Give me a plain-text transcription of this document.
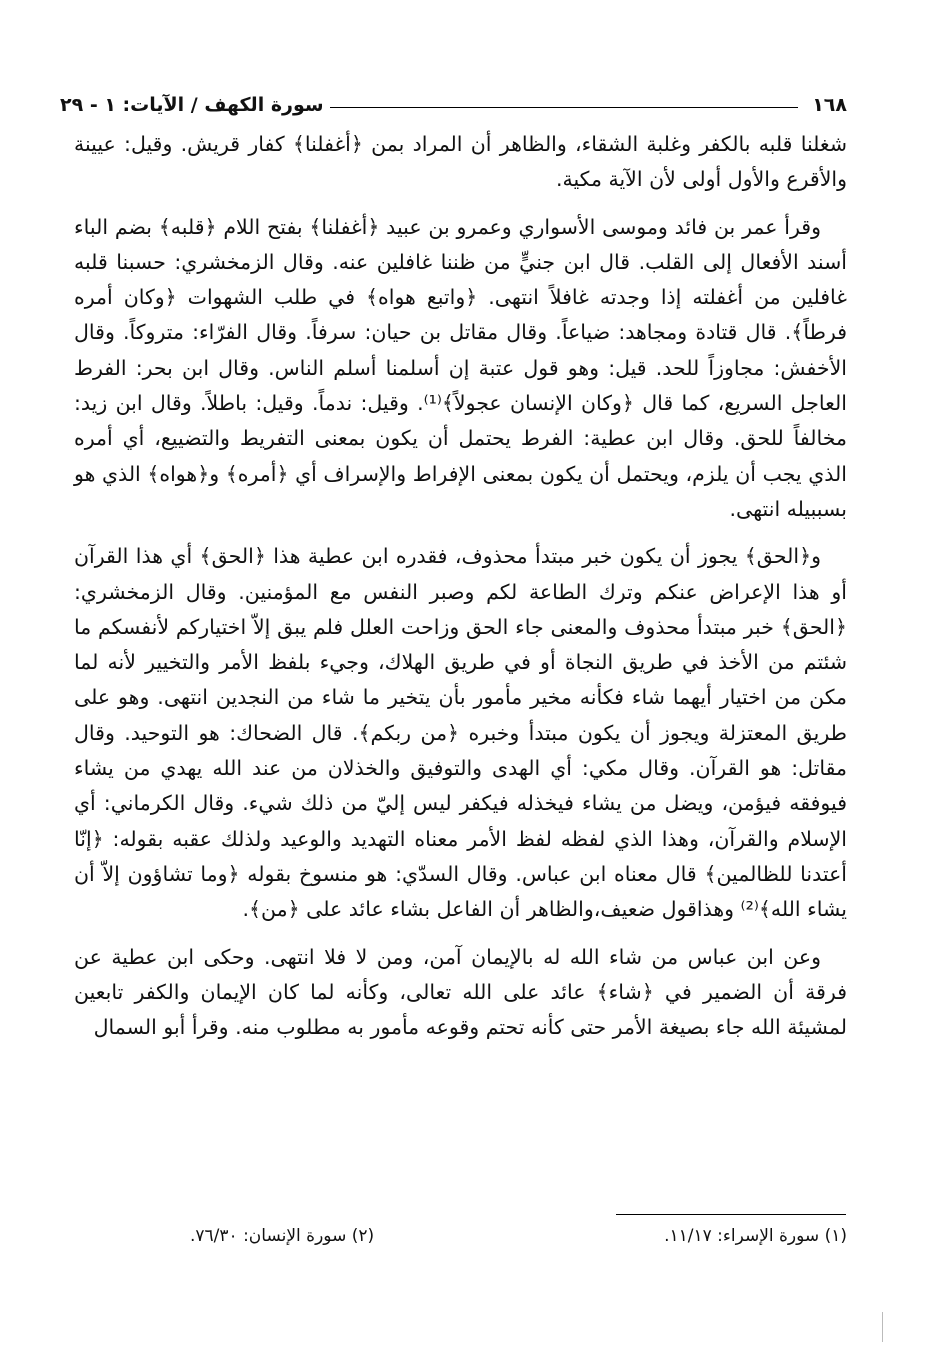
١٦٨
سورة الكهف / الآيات: ١ - ٢٩

شغلنا قلبه بالكفر وغلبة الشقاء، والظاهر أن المراد بمن ﴿أغفلنا﴾ كفار قريش. وقيل: عيينة والأقرع والأول أولى لأن الآية مكية.

وقرأ عمر بن فائد وموسى الأسواري وعمرو بن عبيد ﴿أغفلنا﴾ بفتح اللام ﴿قلبه﴾ بضم الباء أسند الأفعال إلى القلب. قال ابن جنيٍّ من ظننا غافلين عنه. وقال الزمخشري: حسبنا قلبه غافلين من أغفلته إذا وجدته غافلاً انتهى. ﴿واتبع هواه﴾ في طلب الشهوات ﴿وكان أمره فرطاً﴾. قال قتادة ومجاهد: ضياعاً. وقال مقاتل بن حيان: سرفاً. وقال الفرّاء: متروكاً. وقال الأخفش: مجاوزاً للحد. قيل: وهو قول عتبة إن أسلمنا أسلم الناس. وقال ابن بحر: الفرط العاجل السريع، كما قال ﴿وكان الإنسان عجولاً﴾⁽¹⁾. وقيل: ندماً. وقيل: باطلاً. وقال ابن زيد: مخالفاً للحق. وقال ابن عطية: الفرط يحتمل أن يكون بمعنى التفريط والتضييع، أي أمره الذي يجب أن يلزم، ويحتمل أن يكون بمعنى الإفراط والإسراف أي ﴿أمره﴾ و﴿هواه﴾ الذي هو بسببيله انتهى.

و﴿الحق﴾ يجوز أن يكون خبر مبتدأ محذوف، فقدره ابن عطية هذا ﴿الحق﴾ أي هذا القرآن أو هذا الإعراض عنكم وترك الطاعة لكم وصبر النفس مع المؤمنين. وقال الزمخشري: ﴿الحق﴾ خبر مبتدأ محذوف والمعنى جاء الحق وزاحت العلل فلم يبق إلاّ اختياركم لأنفسكم ما شئتم من الأخذ في طريق النجاة أو في طريق الهلاك، وجيء بلفظ الأمر والتخيير لأنه لما مكن من اختيار أيهما شاء فكأنه مخير مأمور بأن يتخير ما شاء من النجدين انتهى. وهو على طريق المعتزلة ويجوز أن يكون مبتدأ وخبره ﴿من ربكم﴾. قال الضحاك: هو التوحيد. وقال مقاتل: هو القرآن. وقال مكي: أي الهدى والتوفيق والخذلان من عند الله يهدي من يشاء فيوفقه فيؤمن، ويضل من يشاء فيخذله فيكفر ليس إليّ من ذلك شيء. وقال الكرماني: أي الإسلام والقرآن، وهذا الذي لفظه لفظ الأمر معناه التهديد والوعيد ولذلك عقبه بقوله: ﴿إنّا أعتدنا للظالمين﴾ قال معناه ابن عباس. وقال السدّي: هو منسوخ بقوله ﴿وما تشاؤون إلاّ أن يشاء الله﴾⁽²⁾ وهذاقول ضعيف،والظاهر أن الفاعل بشاء عائد على ﴿من﴾.

وعن ابن عباس من شاء الله له بالإيمان آمن، ومن لا فلا انتهى. وحكى ابن عطية عن فرقة أن الضمير في ﴿شاء﴾ عائد على الله تعالى، وكأنه لما كان الإيمان والكفر تابعين لمشيئة الله جاء بصيغة الأمر حتى كأنه تحتم وقوعه مأمور به مطلوب منه. وقرأ أبو السمال

(١) سورة الإسراء: ١١/١٧.
(٢) سورة الإنسان: ٧٦/٣٠.
